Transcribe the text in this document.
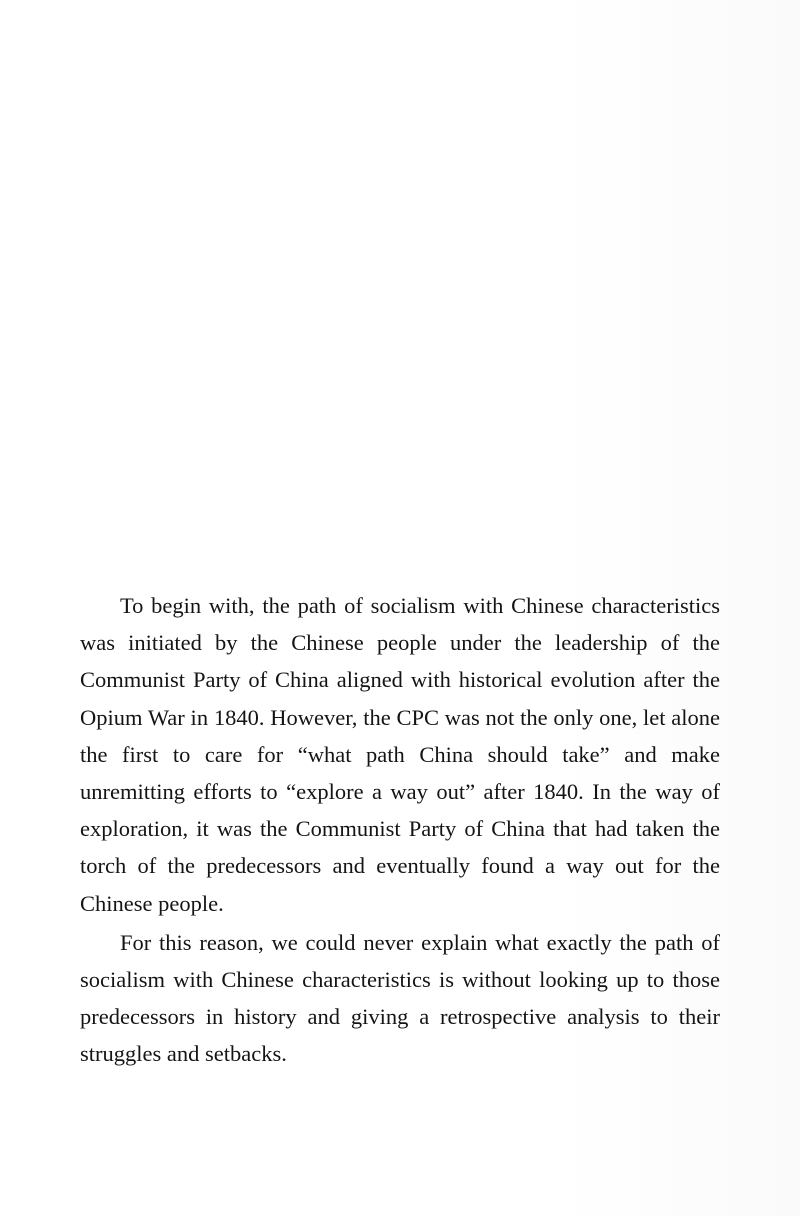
To begin with, the path of socialism with Chinese characteristics was initiated by the Chinese people under the leadership of the Communist Party of China aligned with historical evolution after the Opium War in 1840. However, the CPC was not the only one, let alone the first to care for “what path China should take” and make unremitting efforts to “explore a way out” after 1840. In the way of exploration, it was the Communist Party of China that had taken the torch of the predecessors and eventually found a way out for the Chinese people.

For this reason, we could never explain what exactly the path of socialism with Chinese characteristics is without looking up to those predecessors in history and giving a retrospective analysis to their struggles and setbacks.
